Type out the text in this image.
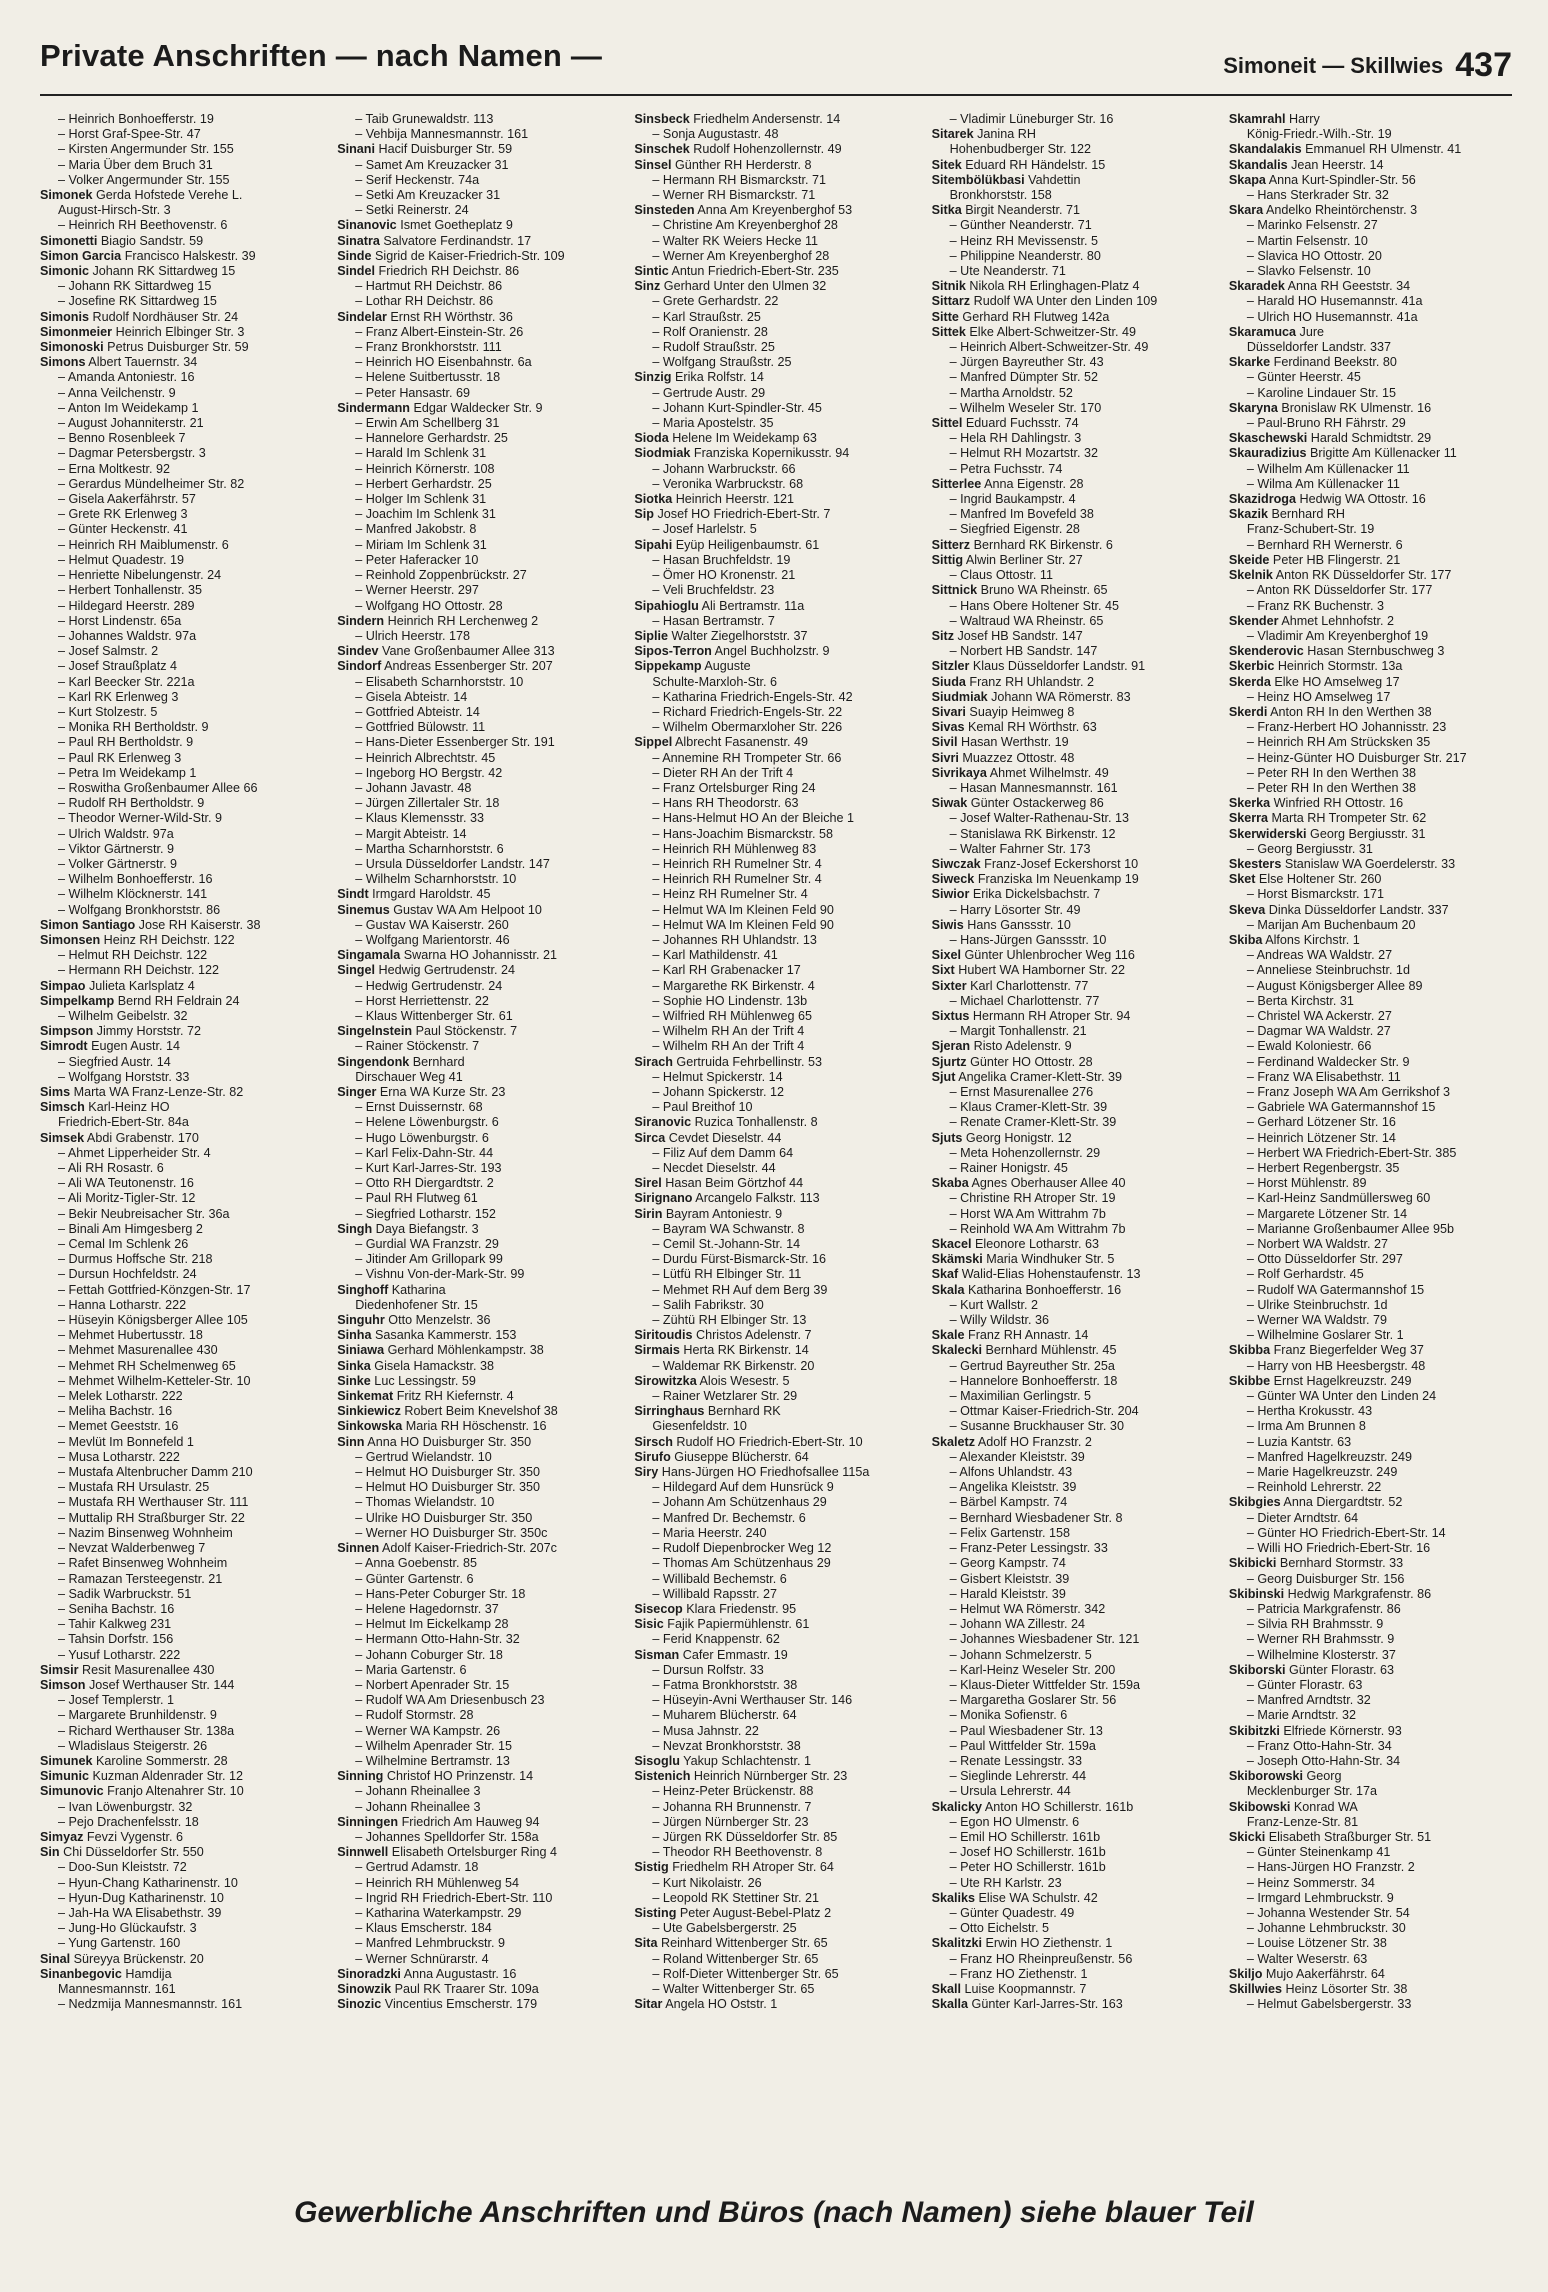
Private Anschriften — nach Namen —	Simoneit — Skillwies 437
– Heinrich Bonhoefferstr. 19
– Horst Graf-Spee-Str. 47
– Kirsten Angermunder Str. 155
– Maria Über dem Bruch 31
– Volker Angermunder Str. 155
Simonek Gerda Hofstede Verehe L.
August-Hirsch-Str. 3
– Heinrich RH Beethovenstr. 6
Simonetti Biagio Sandstr. 59
Simon Garcia Francisco Halskestr. 39
Simonic Johann RK Sittardweg 15
– Johann RK Sittardweg 15
– Josefine RK Sittardweg 15
Simonis Rudolf Nordhäuser Str. 24
Simonmeier Heinrich Elbinger Str. 3
Simonoski Petrus Duisburger Str. 59
Simons Albert Tauernstr. 34
– Amanda Antoniestr. 16
– Anna Veilchenstr. 9
– Anton Im Weidekamp 1
– August Johanniterstr. 21
– Benno Rosenbleek 7
– Dagmar Petersbergstr. 3
– Erna Moltkestr. 92
– Gerardus Mündelheimer Str. 82
– Gisela Aakerfährstr. 57
– Grete RK Erlenweg 3
– Günter Heckenstr. 41
– Heinrich RH Maiblumenstr. 6
– Helmut Quadestr. 19
– Henriette Nibelungenstr. 24
– Herbert Tonhallenstr. 35
– Hildegard Heerstr. 289
– Horst Lindenstr. 65a
– Johannes Waldstr. 97a
– Josef Salmstr. 2
– Josef Straußplatz 4
– Karl Beecker Str. 221a
– Karl RK Erlenweg 3
– Kurt Stolzestr. 5
– Monika RH Bertholdstr. 9
– Paul RH Bertholdstr. 9
– Paul RK Erlenweg 3
– Petra Im Weidekamp 1
– Roswitha Großenbaumer Allee 66
– Rudolf RH Bertholdstr. 9
– Theodor Werner-Wild-Str. 9
– Ulrich Waldstr. 97a
– Viktor Gärtnerstr. 9
– Volker Gärtnerstr. 9
– Wilhelm Bonhoefferstr. 16
– Wilhelm Klöcknerstr. 141
– Wolfgang Bronkhorststr. 86
Simon Santiago Jose RH Kaiserstr. 38
Simonsen Heinz RH Deichstr. 122
– Helmut RH Deichstr. 122
– Hermann RH Deichstr. 122
Simpao Julieta Karlsplatz 4
Simpelkamp Bernd RH Feldrain 24
– Wilhelm Geibelstr. 32
Simpson Jimmy Horststr. 72
Simrodt Eugen Austr. 14
– Siegfried Austr. 14
– Wolfgang Horststr. 33
Sims Marta WA Franz-Lenze-Str. 82
Simsch Karl-Heinz HO
Friedrich-Ebert-Str. 84a
Simsek Abdi Grabenstr. 170
– Ahmet Lipperheider Str. 4
– Ali RH Rosastr. 6
– Ali WA Teutonenstr. 16
– Ali Moritz-Tigler-Str. 12
– Bekir Neubreisacher Str. 36a
– Binali Am Himgesberg 2
– Cemal Im Schlenk 26
– Durmus Hoffsche Str. 218
– Dursun Hochfeldstr. 24
– Fettah Gottfried-Könzgen-Str. 17
– Hanna Lotharstr. 222
– Hüseyin Königsberger Allee 105
– Mehmet Hubertusstr. 18
– Mehmet Masurenallee 430
– Mehmet RH Schelmenweg 65
– Mehmet Wilhelm-Ketteler-Str. 10
– Melek Lotharstr. 222
– Meliha Bachstr. 16
– Memet Geeststr. 16
– Mevlüt Im Bonnefeld 1
– Musa Lotharstr. 222
– Mustafa Altenbrucher Damm 210
– Mustafa RH Ursulastr. 25
– Mustafa RH Werthauser Str. 111
– Muttalip RH Straßburger Str. 22
– Nazim Binsenweg Wohnheim
– Nevzat Walderbenweg 7
– Rafet Binsenweg Wohnheim
– Ramazan Tersteegenstr. 21
– Sadik Warbruckstr. 51
– Seniha Bachstr. 16
– Tahir Kalkweg 231
– Tahsin Dorfstr. 156
– Yusuf Lotharstr. 222
Simsir Resit Masurenallee 430
Simson Josef Werthauser Str. 144
– Josef Templerstr. 1
– Margarete Brunhildenstr. 9
– Richard Werthauser Str. 138a
– Wladislaus Steigerstr. 26
Simunek Karoline Sommerstr. 28
Simunic Kuzman Aldenrader Str. 12
Simunovic Franjo Altenahrer Str. 10
– Ivan Löwenburgstr. 32
– Pejo Drachenfelsstr. 18
Simyaz Fevzi Vygenstr. 6
Sin Chi Düsseldorfer Str. 550
– Doo-Sun Kleiststr. 72
– Hyun-Chang Katharinenstr. 10
– Hyun-Dug Katharinenstr. 10
– Jah-Ha WA Elisabethstr. 39
– Jung-Ho Glückaufstr. 3
– Yung Gartenstr. 160
Sinal Süreyya Brückenstr. 20
Sinanbegovic Hamdija
Mannesmannstr. 161
– Nedzmija Mannesmannstr. 161
– Taib Grunewaldstr. 113
– Vehbija Mannesmannstr. 161
Sinani Hacif Duisburger Str. 59
– Samet Am Kreuzacker 31
– Serif Heckenstr. 74a
– Setki Am Kreuzacker 31
– Setki Reinerstr. 24
Sinanovic Ismet Goetheplatz 9
Sinatra Salvatore Ferdinandstr. 17
Sinde Sigrid de Kaiser-Friedrich-Str. 109
Sindel Friedrich RH Deichstr. 86
– Hartmut RH Deichstr. 86
– Lothar RH Deichstr. 86
Sindelar Ernst RH Wörthstr. 36
– Franz Albert-Einstein-Str. 26
– Franz Bronkhorststr. 111
– Heinrich HO Eisenbahnstr. 6a
– Helene Suitbertusstr. 18
– Peter Hansastr. 69
Sindermann Edgar Waldecker Str. 9
– Erwin Am Schellberg 31
– Hannelore Gerhardstr. 25
– Harald Im Schlenk 31
– Heinrich Körnerstr. 108
– Herbert Gerhardstr. 25
– Holger Im Schlenk 31
– Joachim Im Schlenk 31
– Manfred Jakobstr. 8
– Miriam Im Schlenk 31
– Peter Haferacker 10
– Reinhold Zoppenbrückstr. 27
– Werner Heerstr. 297
– Wolfgang HO Ottostr. 28
Sindern Heinrich RH Lerchenweg 2
– Ulrich Heerstr. 178
Sindev Vane Großenbaumer Allee 313
Sindorf Andreas Essenberger Str. 207
– Elisabeth Scharnhorststr. 10
– Gisela Abteistr. 14
– Gottfried Abteistr. 14
– Gottfried Bülowstr. 11
– Hans-Dieter Essenberger Str. 191
– Heinrich Albrechtstr. 45
– Ingeborg HO Bergstr. 42
– Johann Javastr. 48
– Jürgen Zillertaler Str. 18
– Klaus Klemensstr. 33
– Margit Abteistr. 14
– Martha Scharnhorststr. 6
– Ursula Düsseldorfer Landstr. 147
– Wilhelm Scharnhorststr. 10
Sindt Irmgard Haroldstr. 45
Sinemus Gustav WA Am Helpoot 10
– Gustav WA Kaiserstr. 260
– Wolfgang Marientorstr. 46
Singamala Swarna HO Johannisstr. 21
Singel Hedwig Gertrudenstr. 24
– Hedwig Gertrudenstr. 24
– Horst Herriettenstr. 22
– Klaus Wittenberger Str. 61
Singelnstein Paul Stöckenstr. 7
– Rainer Stöckenstr. 7
Singendonk Bernhard
Dirschauer Weg 41
Singer Erna WA Kurze Str. 23
– Ernst Duissernstr. 68
– Helene Löwenburgstr. 6
– Hugo Löwenburgstr. 6
– Karl Felix-Dahn-Str. 44
– Kurt Karl-Jarres-Str. 193
– Otto RH Diergardtstr. 2
– Paul RH Flutweg 61
– Siegfried Lotharstr. 152
Singh Daya Biefangstr. 3
– Gurdial WA Franzstr. 29
– Jitinder Am Grillopark 99
– Vishnu Von-der-Mark-Str. 99
Singhoff Katharina
Diedenhofener Str. 15
Singuhr Otto Menzelstr. 36
Sinha Sasanka Kammerstr. 153
Siniawa Gerhard Möhlenkampstr. 38
Sinka Gisela Hamackstr. 38
Sinke Luc Lessingstr. 59
Sinkemat Fritz RH Kiefernstr. 4
Sinkiewicz Robert Beim Knevelshof 38
Sinkowska Maria RH Höschenstr. 16
Sinn Anna HO Duisburger Str. 350
– Gertrud Wielandstr. 10
– Helmut HO Duisburger Str. 350
– Helmut HO Duisburger Str. 350
– Thomas Wielandstr. 10
– Ulrike HO Duisburger Str. 350
– Werner HO Duisburger Str. 350c
Sinnen Adolf Kaiser-Friedrich-Str. 207c
– Anna Goebenstr. 85
– Günter Gartenstr. 6
– Hans-Peter Coburger Str. 18
– Helene Hagedornstr. 37
– Helmut Im Eickelkamp 28
– Hermann Otto-Hahn-Str. 32
– Johann Coburger Str. 18
– Maria Gartenstr. 6
– Norbert Apenrader Str. 15
– Rudolf WA Am Driesenbusch 23
– Rudolf Stormstr. 28
– Werner WA Kampstr. 26
– Wilhelm Apenrader Str. 15
– Wilhelmine Bertramstr. 13
Sinning Christof HO Prinzenstr. 14
– Johann Rheinallee 3
– Johann Rheinallee 3
Sinningen Friedrich Am Hauweg 94
– Johannes Spelldorfer Str. 158a
Sinnwell Elisabeth Ortelsburger Ring 4
– Gertrud Adamstr. 18
– Heinrich RH Mühlenweg 54
– Ingrid RH Friedrich-Ebert-Str. 110
– Katharina Waterkampstr. 29
– Klaus Emscherstr. 184
– Manfred Lehmbruckstr. 9
– Werner Schnürarstr. 4
Sinoradzki Anna Augustastr. 16
Sinowzik Paul RK Traarer Str. 109a
Sinozic Vincentius Emscherstr. 179
Sinsbeck Friedhelm Andersenstr. 14
– Sonja Augustastr. 48
Sinschek Rudolf Hohenzollernstr. 49
Sinsel Günther RH Herderstr. 8
– Hermann RH Bismarckstr. 71
– Werner RH Bismarckstr. 71
Sinsteden Anna Am Kreyenberghof 53
– Christine Am Kreyenberghof 28
– Walter RK Weiers Hecke 11
– Werner Am Kreyenberghof 28
Sintic Antun Friedrich-Ebert-Str. 235
Sinz Gerhard Unter den Ulmen 32
– Grete Gerhardstr. 22
– Karl Straußstr. 25
– Rolf Oranienstr. 28
– Rudolf Straußstr. 25
– Wolfgang Straußstr. 25
Sinzig Erika Rolfstr. 14
– Gertrude Austr. 29
– Johann Kurt-Spindler-Str. 45
– Maria Apostelstr. 35
Sioda Helene Im Weidekamp 63
Siodmiak Franziska Kopernikusstr. 94
– Johann Warbruckstr. 66
– Veronika Warbruckstr. 68
Siotka Heinrich Heerstr. 121
Sip Josef HO Friedrich-Ebert-Str. 7
– Josef Harlelstr. 5
Sipahi Eyüp Heiligenbaumstr. 61
– Hasan Bruchfeldstr. 19
– Ömer HO Kronenstr. 21
– Veli Bruchfeldstr. 23
Sipahioglu Ali Bertramstr. 11a
– Hasan Bertramstr. 7
Siplie Walter Ziegelhorststr. 37
Sipos-Terron Angel Buchholzstr. 9
Sippekamp Auguste
Schulte-Marxloh-Str. 6
– Katharina Friedrich-Engels-Str. 42
– Richard Friedrich-Engels-Str. 22
– Wilhelm Obermarxloher Str. 226
Sippel Albrecht Fasanenstr. 49
– Annemine RH Trompeter Str. 66
– Dieter RH An der Trift 4
– Franz Ortelsburger Ring 24
– Hans RH Theodorstr. 63
– Hans-Helmut HO An der Bleiche 1
– Hans-Joachim Bismarckstr. 58
– Heinrich RH Mühlenweg 83
– Heinrich RH Rumelner Str. 4
– Heinrich RH Rumelner Str. 4
– Heinz RH Rumelner Str. 4
– Helmut WA Im Kleinen Feld 90
– Helmut WA Im Kleinen Feld 90
– Johannes RH Uhlandstr. 13
– Karl Mathildenstr. 41
– Karl RH Grabenacker 17
– Margarethe RK Birkenstr. 4
– Sophie HO Lindenstr. 13b
– Wilfried RH Mühlenweg 65
– Wilhelm RH An der Trift 4
– Wilhelm RH An der Trift 4
Sirach Gertruida Fehrbellinstr. 53
– Helmut Spickerstr. 14
– Johann Spickerstr. 12
– Paul Breithof 10
Siranovic Ruzica Tonhallenstr. 8
Sirca Cevdet Dieselstr. 44
– Filiz Auf dem Damm 64
– Necdet Dieselstr. 44
Sirel Hasan Beim Görtzhof 44
Sirignano Arcangelo Falkstr. 113
Sirin Bayram Antoniestr. 9
– Bayram WA Schwanstr. 8
– Cemil St.-Johann-Str. 14
– Durdu Fürst-Bismarck-Str. 16
– Lütfü RH Elbinger Str. 11
– Mehmet RH Auf dem Berg 39
– Salih Fabrikstr. 30
– Zühtü RH Elbinger Str. 13
Siritoudis Christos Adelenstr. 7
Sirmais Herta RK Birkenstr. 14
– Waldemar RK Birkenstr. 20
Sirowitzka Alois Wesestr. 5
– Rainer Wetzlarer Str. 29
Sirringhaus Bernhard RK
Giesenfeldstr. 10
Sirsch Rudolf HO Friedrich-Ebert-Str. 10
Sirufo Giuseppe Blücherstr. 64
Siry Hans-Jürgen HO Friedhofsallee 115a
– Hildegard Auf dem Hunsrück 9
– Johann Am Schützenhaus 29
– Manfred Dr. Bechemstr. 6
– Maria Heerstr. 240
– Rudolf Diepenbrocker Weg 12
– Thomas Am Schützenhaus 29
– Willibald Bechemstr. 6
– Willibald Rapsstr. 27
Sisecop Klara Friedenstr. 95
Sisic Fajik Papiermühlenstr. 61
– Ferid Knappenstr. 62
Sisman Cafer Emmastr. 19
– Dursun Rolfstr. 33
– Fatma Bronkhorststr. 38
– Hüseyin-Avni Werthauser Str. 146
– Muharem Blücherstr. 64
– Musa Jahnstr. 22
– Nevzat Bronkhorststr. 38
Sisoglu Yakup Schlachtenstr. 1
Sistenich Heinrich Nürnberger Str. 23
– Heinz-Peter Brückenstr. 88
– Johanna RH Brunnenstr. 7
– Jürgen Nürnberger Str. 23
– Jürgen RK Düsseldorfer Str. 85
– Theodor RH Beethovenstr. 8
Sistig Friedhelm RH Atroper Str. 64
– Kurt Nikolaistr. 26
– Leopold RK Stettiner Str. 21
Sisting Peter August-Bebel-Platz 2
– Ute Gabelsbergerstr. 25
Sita Reinhard Wittenberger Str. 65
– Roland Wittenberger Str. 65
– Rolf-Dieter Wittenberger Str. 65
– Walter Wittenberger Str. 65
Sitar Angela HO Oststr. 1
– Vladimir Lüneburger Str. 16
Sitarek Janina RH
Hohenbudberger Str. 122
Sitek Eduard RH Händelstr. 15
Sitembölükbasi Vahdettin
Bronkhorststr. 158
Sitka Birgit Neanderstr. 71
– Günther Neanderstr. 71
– Heinz RH Mevissenstr. 5
– Philippine Neanderstr. 80
– Ute Neanderstr. 71
Sitnik Nikola RH Erlinghagen-Platz 4
Sittarz Rudolf WA Unter den Linden 109
Sitte Gerhard RH Flutweg 142a
Sittek Elke Albert-Schweitzer-Str. 49
– Heinrich Albert-Schweitzer-Str. 49
– Jürgen Bayreuther Str. 43
– Manfred Dümpter Str. 52
– Martha Arnoldstr. 52
– Wilhelm Weseler Str. 170
Sittel Eduard Fuchsstr. 74
– Hela RH Dahlingstr. 3
– Helmut RH Mozartstr. 32
– Petra Fuchsstr. 74
Sitterlee Anna Eigenstr. 28
– Ingrid Baukampstr. 4
– Manfred Im Bovefeld 38
– Siegfried Eigenstr. 28
Sitterz Bernhard RK Birkenstr. 6
Sittig Alwin Berliner Str. 27
– Claus Ottostr. 11
Sittnick Bruno WA Rheinstr. 65
– Hans Obere Holtener Str. 45
– Waltraud WA Rheinstr. 65
Sitz Josef HB Sandstr. 147
– Norbert HB Sandstr. 147
Sitzler Klaus Düsseldorfer Landstr. 91
Siuda Franz RH Uhlandstr. 2
Siudmiak Johann WA Römerstr. 83
Sivari Suayip Heimweg 8
Sivas Kemal RH Wörthstr. 63
Sivil Hasan Werthstr. 19
Sivri Muazzez Ottostr. 48
Sivrikaya Ahmet Wilhelmstr. 49
– Hasan Mannesmannstr. 161
Siwak Günter Ostackerweg 86
– Josef Walter-Rathenau-Str. 13
– Stanislawa RK Birkenstr. 12
– Walter Fahrner Str. 173
Siwczak Franz-Josef Eckershorst 10
Siweck Franziska Im Neuenkamp 19
Siwior Erika Dickelsbachstr. 7
– Harry Lösorter Str. 49
Siwis Hans Ganssstr. 10
– Hans-Jürgen Ganssstr. 10
Sixel Günter Uhlenbrocher Weg 116
Sixt Hubert WA Hamborner Str. 22
Sixter Karl Charlottenstr. 77
– Michael Charlottenstr. 77
Sixtus Hermann RH Atroper Str. 94
– Margit Tonhallenstr. 21
Sjeran Risto Adelenstr. 9
Sjurtz Günter HO Ottostr. 28
Sjut Angelika Cramer-Klett-Str. 39
– Ernst Masurenallee 276
– Klaus Cramer-Klett-Str. 39
– Renate Cramer-Klett-Str. 39
Sjuts Georg Honigstr. 12
– Meta Hohenzollernstr. 29
– Rainer Honigstr. 45
Skaba Agnes Oberhauser Allee 40
– Christine RH Atroper Str. 19
– Horst WA Am Wittrahm 7b
– Reinhold WA Am Wittrahm 7b
Skacel Eleonore Lotharstr. 63
Skämski Maria Windhuker Str. 5
Skaf Walid-Elias Hohenstaufenstr. 13
Skala Katharina Bonhoefferstr. 16
– Kurt Wallstr. 2
– Willy Wildstr. 36
Skale Franz RH Annastr. 14
Skalecki Bernhard Mühlenstr. 45
– Gertrud Bayreuther Str. 25a
– Hannelore Bonhoefferstr. 18
– Maximilian Gerlingstr. 5
– Ottmar Kaiser-Friedrich-Str. 204
– Susanne Bruckhauser Str. 30
Skaletz Adolf HO Franzstr. 2
– Alexander Kleiststr. 39
– Alfons Uhlandstr. 43
– Angelika Kleiststr. 39
– Bärbel Kampstr. 74
– Bernhard Wiesbadener Str. 8
– Felix Gartenstr. 158
– Franz-Peter Lessingstr. 33
– Georg Kampstr. 74
– Gisbert Kleiststr. 39
– Harald Kleiststr. 39
– Helmut WA Römerstr. 342
– Johann WA Zillestr. 24
– Johannes Wiesbadener Str. 121
– Johann Schmelzerstr. 5
– Karl-Heinz Weseler Str. 200
– Klaus-Dieter Wittfelder Str. 159a
– Margaretha Goslarer Str. 56
– Monika Sofienstr. 6
– Paul Wiesbadener Str. 13
– Paul Wittfelder Str. 159a
– Renate Lessingstr. 33
– Sieglinde Lehrerstr. 44
– Ursula Lehrerstr. 44
Skalicky Anton HO Schillerstr. 161b
– Egon HO Ulmenstr. 6
– Emil HO Schillerstr. 161b
– Josef HO Schillerstr. 161b
– Peter HO Schillerstr. 161b
– Ute RH Karlstr. 23
Skaliks Elise WA Schulstr. 42
– Günter Quadestr. 49
– Otto Eichelstr. 5
Skalitzki Erwin HO Ziethenstr. 1
– Franz HO Rheinpreußenstr. 56
– Franz HO Ziethenstr. 1
Skall Luise Koopmannstr. 7
Skalla Günter Karl-Jarres-Str. 163
Skamrahl Harry
König-Friedr.-Wilh.-Str. 19
Skandalakis Emmanuel RH Ulmenstr. 41
Skandalis Jean Heerstr. 14
Skapa Anna Kurt-Spindler-Str. 56
– Hans Sterkrader Str. 32
Skara Andelko Rheintörchenstr. 3
– Marinko Felsenstr. 27
– Martin Felsenstr. 10
– Slavica HO Ottostr. 20
– Slavko Felsenstr. 10
Skaradek Anna RH Geeststr. 34
– Harald HO Husemannstr. 41a
– Ulrich HO Husemannstr. 41a
Skaramuca Jure
Düsseldorfer Landstr. 337
Skarke Ferdinand Beekstr. 80
– Günter Heerstr. 45
– Karoline Lindauer Str. 15
Skaryna Bronislaw RK Ulmenstr. 16
– Paul-Bruno RH Fährstr. 29
Skaschewski Harald Schmidtstr. 29
Skauradizius Brigitte Am Küllenacker 11
– Wilhelm Am Küllenacker 11
– Wilma Am Küllenacker 11
Skazidroga Hedwig WA Ottostr. 16
Skazik Bernhard RH
Franz-Schubert-Str. 19
– Bernhard RH Wernerstr. 6
Skeide Peter HB Flingerstr. 21
Skelnik Anton RK Düsseldorfer Str. 177
– Anton RK Düsseldorfer Str. 177
– Franz RK Buchenstr. 3
Skender Ahmet Lehnhofstr. 2
– Vladimir Am Kreyenberghof 19
Skenderovic Hasan Sternbuschweg 3
Skerbic Heinrich Stormstr. 13a
Skerda Elke HO Amselweg 17
– Heinz HO Amselweg 17
Skerdi Anton RH In den Werthen 38
– Franz-Herbert HO Johannisstr. 23
– Heinrich RH Am Strücksken 35
– Heinz-Günter HO Duisburger Str. 217
– Peter RH In den Werthen 38
– Peter RH In den Werthen 38
Skerka Winfried RH Ottostr. 16
Skerra Marta RH Trompeter Str. 62
Skerwiderski Georg Bergiusstr. 31
– Georg Bergiusstr. 31
Skesters Stanislaw WA Goerdelerstr. 33
Sket Else Holtener Str. 260
– Horst Bismarckstr. 171
Skeva Dinka Düsseldorfer Landstr. 337
– Marijan Am Buchenbaum 20
Skiba Alfons Kirchstr. 1
– Andreas WA Waldstr. 27
– Anneliese Steinbruchstr. 1d
– August Königsberger Allee 89
– Berta Kirchstr. 31
– Christel WA Ackerstr. 27
– Dagmar WA Waldstr. 27
– Ewald Koloniestr. 66
– Ferdinand Waldecker Str. 9
– Franz WA Elisabethstr. 11
– Franz Joseph WA Am Gerrikshof 3
– Gabriele WA Gatermannshof 15
– Gerhard Lötzener Str. 16
– Heinrich Lötzener Str. 14
– Herbert WA Friedrich-Ebert-Str. 385
– Herbert Regenbergstr. 35
– Horst Mühlenstr. 89
– Karl-Heinz Sandmüllersweg 60
– Margarete Lötzener Str. 14
– Marianne Großenbaumer Allee 95b
– Norbert WA Waldstr. 27
– Otto Düsseldorfer Str. 297
– Rolf Gerhardstr. 45
– Rudolf WA Gatermannshof 15
– Ulrike Steinbruchstr. 1d
– Werner WA Waldstr. 79
– Wilhelmine Goslarer Str. 1
Skibba Franz Biegerfelder Weg 37
– Harry von HB Heesbergstr. 48
Skibbe Ernst Hagelkreuzstr. 249
– Günter WA Unter den Linden 24
– Hertha Krokusstr. 43
– Irma Am Brunnen 8
– Luzia Kantstr. 63
– Manfred Hagelkreuzstr. 249
– Marie Hagelkreuzstr. 249
– Reinhold Lehrerstr. 22
Skibgies Anna Diergardtstr. 52
– Dieter Arndtstr. 64
– Günter HO Friedrich-Ebert-Str. 14
– Willi HO Friedrich-Ebert-Str. 16
Skibicki Bernhard Stormstr. 33
– Georg Duisburger Str. 156
Skibinski Hedwig Markgrafenstr. 86
– Patricia Markgrafenstr. 86
– Silvia RH Brahmsstr. 9
– Werner RH Brahmsstr. 9
– Wilhelmine Klosterstr. 37
Skiborski Günter Florastr. 63
– Günter Florastr. 63
– Manfred Arndtstr. 32
– Marie Arndtstr. 32
Skibitzki Elfriede Körnerstr. 93
– Franz Otto-Hahn-Str. 34
– Joseph Otto-Hahn-Str. 34
Skiborowski Georg
Mecklenburger Str. 17a
Skibowski Konrad WA
Franz-Lenze-Str. 81
Skicki Elisabeth Straßburger Str. 51
– Günter Steinenkamp 41
– Hans-Jürgen HO Franzstr. 2
– Heinz Sommerstr. 34
– Irmgard Lehmbruckstr. 9
– Johanna Westender Str. 54
– Johanne Lehmbruckstr. 30
– Louise Lötzener Str. 38
– Walter Weserstr. 63
Skiljo Mujo Aakerfährstr. 64
Skillwies Heinz Lösorter Str. 38
– Helmut Gabelsbergerstr. 33
Gewerbliche Anschriften und Büros (nach Namen) siehe blauer Teil
